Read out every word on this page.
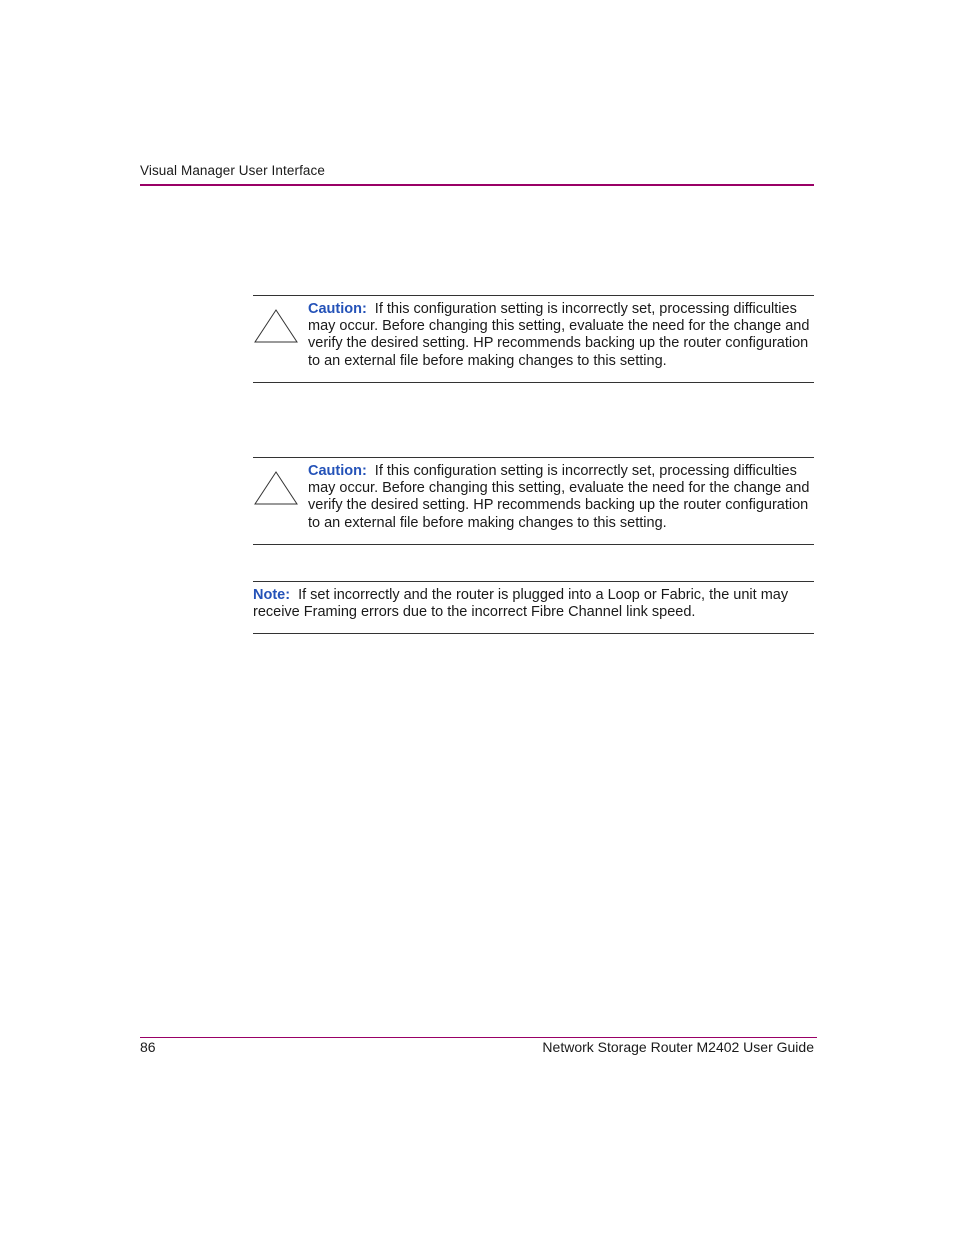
Visual Manager User Interface
Caution: If this configuration setting is incorrectly set, processing difficulties may occur. Before changing this setting, evaluate the need for the change and verify the desired setting. HP recommends backing up the router configuration to an external file before making changes to this setting.
Caution: If this configuration setting is incorrectly set, processing difficulties may occur. Before changing this setting, evaluate the need for the change and verify the desired setting. HP recommends backing up the router configuration to an external file before making changes to this setting.
Note: If set incorrectly and the router is plugged into a Loop or Fabric, the unit may receive Framing errors due to the incorrect Fibre Channel link speed.
86	Network Storage Router M2402 User Guide
